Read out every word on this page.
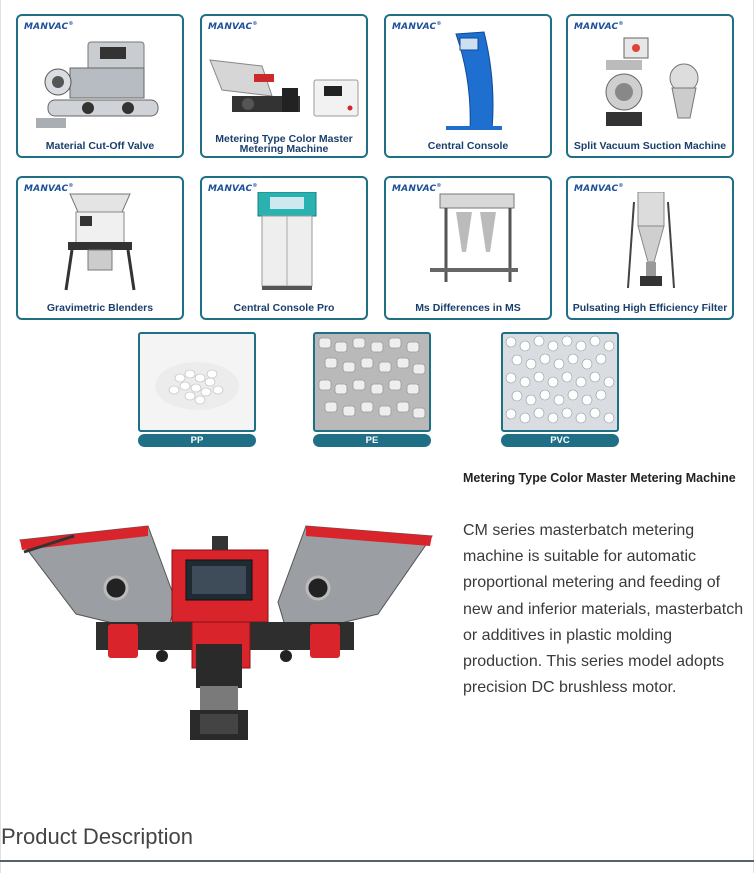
MANVAC®
Material Cut-Off Valve
MANVAC®
Metering Type Color Master Metering Machine
MANVAC®
Central Console
MANVAC®
Split Vacuum Suction Machine
MANVAC®
Gravimetric Blenders
MANVAC®
Central Console Pro
MANVAC®
Ms Differences in MS
MANVAC®
Pulsating High Efficiency Filter
PP	PE	PVC
Metering Type Color Master Metering Machine
CM series masterbatch metering machine is suitable for automatic proportional metering and feeding of new and inferior materials, masterbatch or additives in plastic molding production. This series model adopts precision DC brushless motor.
Product Description
